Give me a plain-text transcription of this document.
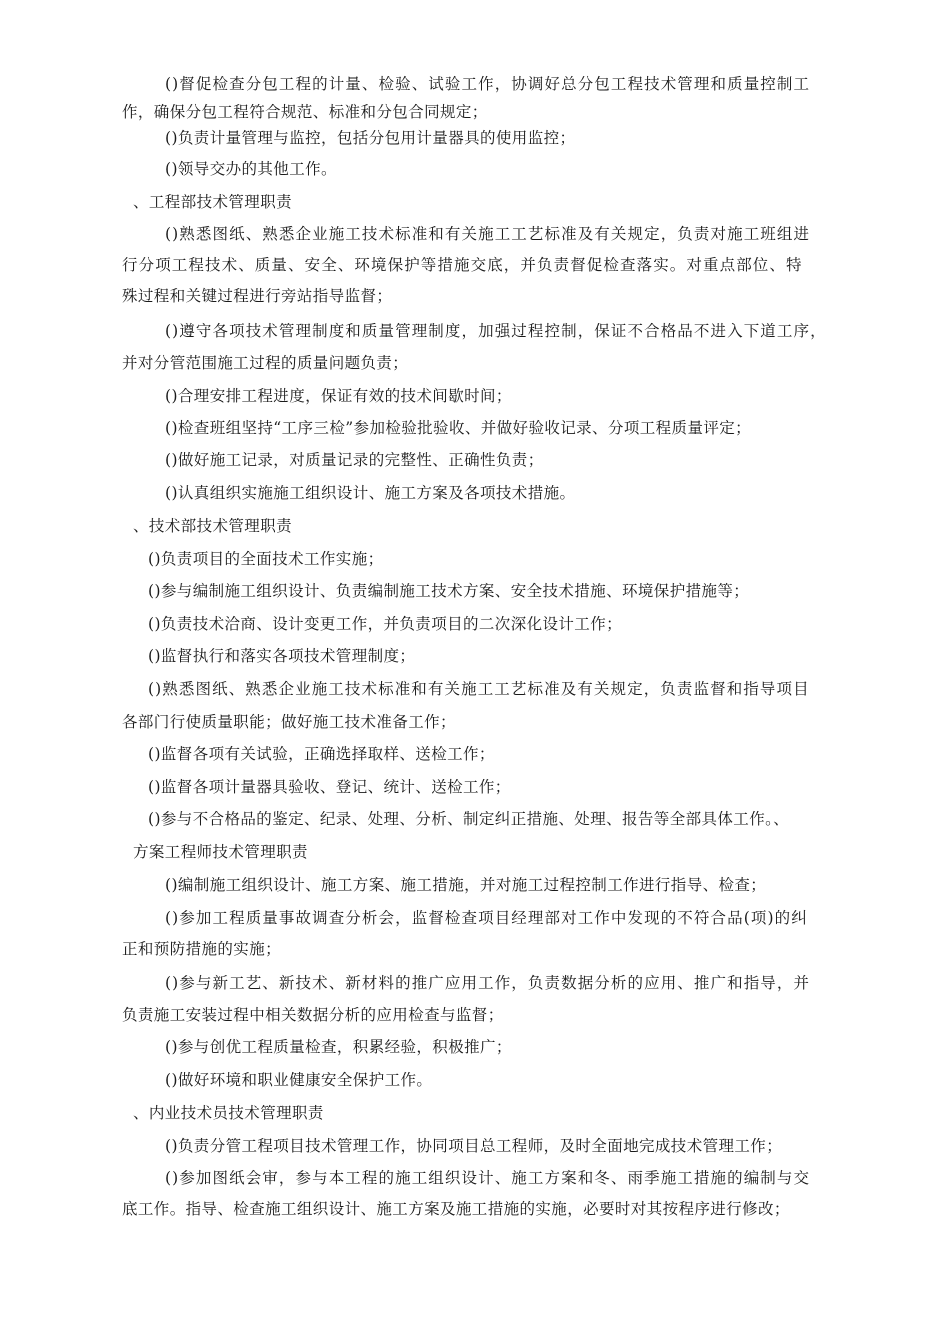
()督促检查分包工程的计量、检验、试验工作，协调好总分包工程技术管理和质量控制工
作，确保分包工程符合规范、标准和分包合同规定；
()负责计量管理与监控，包括分包用计量器具的使用监控；
()领导交办的其他工作。
、工程部技术管理职责
()熟悉图纸、熟悉企业施工技术标准和有关施工工艺标准及有关规定，负责对施工班组进
行分项工程技术、质量、安全、环境保护等措施交底，并负责督促检查落实。对重点部位、特
殊过程和关键过程进行旁站指导监督；
()遵守各项技术管理制度和质量管理制度，加强过程控制，保证不合格品不进入下道工序，
并对分管范围施工过程的质量问题负责；
()合理安排工程进度，保证有效的技术间歇时间；
()检查班组坚持“工序三检”参加检验批验收、并做好验收记录、分项工程质量评定；
()做好施工记录，对质量记录的完整性、正确性负责；
()认真组织实施施工组织设计、施工方案及各项技术措施。
、技术部技术管理职责
()负责项目的全面技术工作实施；
()参与编制施工组织设计、负责编制施工技术方案、安全技术措施、环境保护措施等；
()负责技术洽商、设计变更工作，并负责项目的二次深化设计工作；
()监督执行和落实各项技术管理制度；
()熟悉图纸、熟悉企业施工技术标准和有关施工工艺标准及有关规定，负责监督和指导项目
各部门行使质量职能；做好施工技术准备工作；
()监督各项有关试验，正确选择取样、送检工作；
()监督各项计量器具验收、登记、统计、送检工作；
()参与不合格品的鉴定、纪录、处理、分析、制定纠正措施、处理、报告等全部具体工作。、
方案工程师技术管理职责
()编制施工组织设计、施工方案、施工措施，并对施工过程控制工作进行指导、检查；
()参加工程质量事故调查分析会，监督检查项目经理部对工作中发现的不符合品(项)的纠
正和预防措施的实施；
()参与新工艺、新技术、新材料的推广应用工作，负责数据分析的应用、推广和指导，并
负责施工安装过程中相关数据分析的应用检查与监督；
()参与创优工程质量检查，积累经验，积极推广；
()做好环境和职业健康安全保护工作。
、内业技术员技术管理职责
()负责分管工程项目技术管理工作，协同项目总工程师，及时全面地完成技术管理工作；
()参加图纸会审，参与本工程的施工组织设计、施工方案和冬、雨季施工措施的编制与交
底工作。指导、检查施工组织设计、施工方案及施工措施的实施，必要时对其按程序进行修改；
